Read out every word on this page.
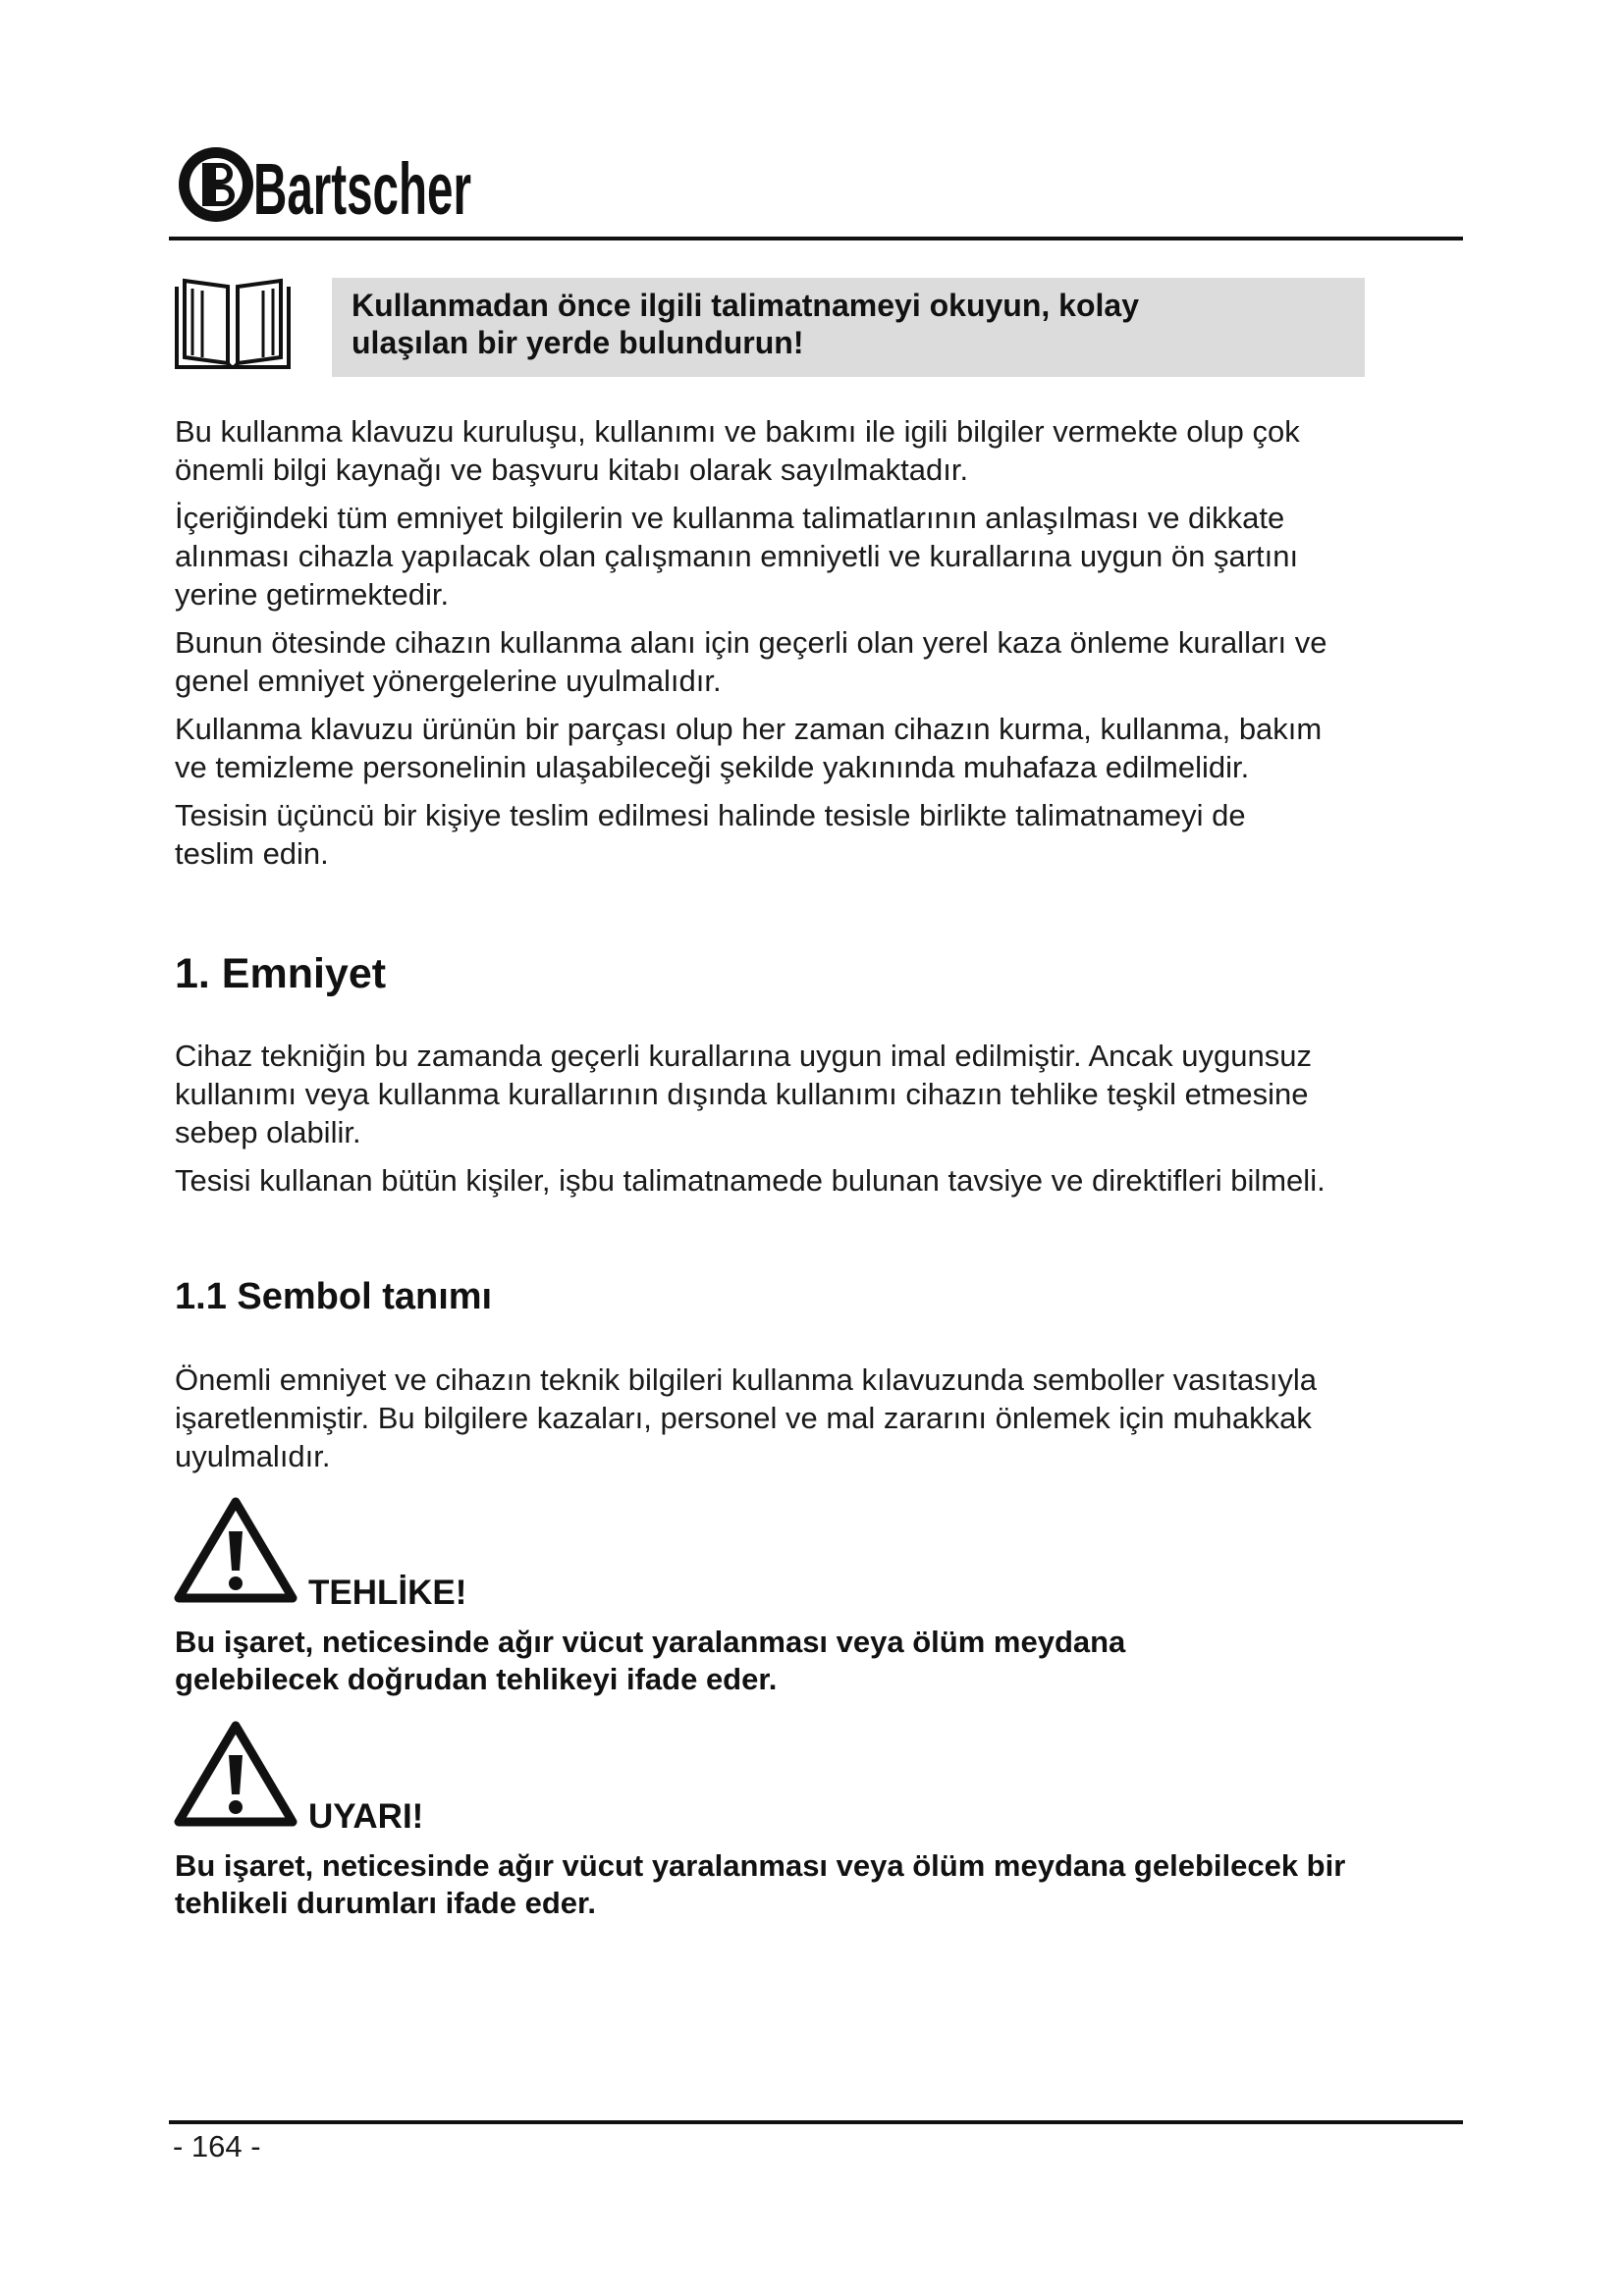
Bartscher
Kullanmadan önce ilgili talimatnameyi okuyun, kolay
ulaşılan bir yerde bulundurun!

Bu kullanma klavuzu kuruluşu, kullanımı ve bakımı ile igili bilgiler vermekte olup çok
önemli bilgi kaynağı ve başvuru kitabı olarak sayılmaktadır.

İçeriğindeki tüm emniyet bilgilerin ve kullanma talimatlarının anlaşılması ve dikkate
alınması cihazla yapılacak olan çalışmanın emniyetli ve kurallarına uygun ön şartını
yerine getirmektedir.

Bunun ötesinde cihazın kullanma alanı için geçerli olan yerel kaza önleme kuralları ve
genel emniyet yönergelerine uyulmalıdır.

Kullanma klavuzu ürünün bir parçası olup her zaman cihazın kurma, kullanma, bakım
ve temizleme personelinin ulaşabileceği şekilde yakınında muhafaza edilmelidir.

Tesisin üçüncü bir kişiye teslim edilmesi halinde tesisle birlikte talimatnameyi de
teslim edin.

1. Emniyet

Cihaz tekniğin bu zamanda geçerli kurallarına uygun imal edilmiştir. Ancak uygunsuz
kullanımı veya kullanma kurallarının dışında kullanımı cihazın tehlike teşkil etmesine
sebep olabilir.

Tesisi kullanan bütün kişiler, işbu talimatnamede bulunan tavsiye ve direktifleri bilmeli.

1.1 Sembol tanımı

Önemli emniyet ve cihazın teknik bilgileri kullanma kılavuzunda semboller vasıtasıyla
işaretlenmiştir. Bu bilgilere kazaları, personel ve mal zararını önlemek için muhakkak
uyulmalıdır.

TEHLİKE!
Bu işaret, neticesinde ağır vücut yaralanması veya ölüm meydana
gelebilecek doğrudan tehlikeyi ifade eder.
UYARI!
Bu işaret, neticesinde ağır vücut yaralanması veya ölüm meydana gelebilecek bir
tehlikeli durumları ifade eder.
- 164 -
